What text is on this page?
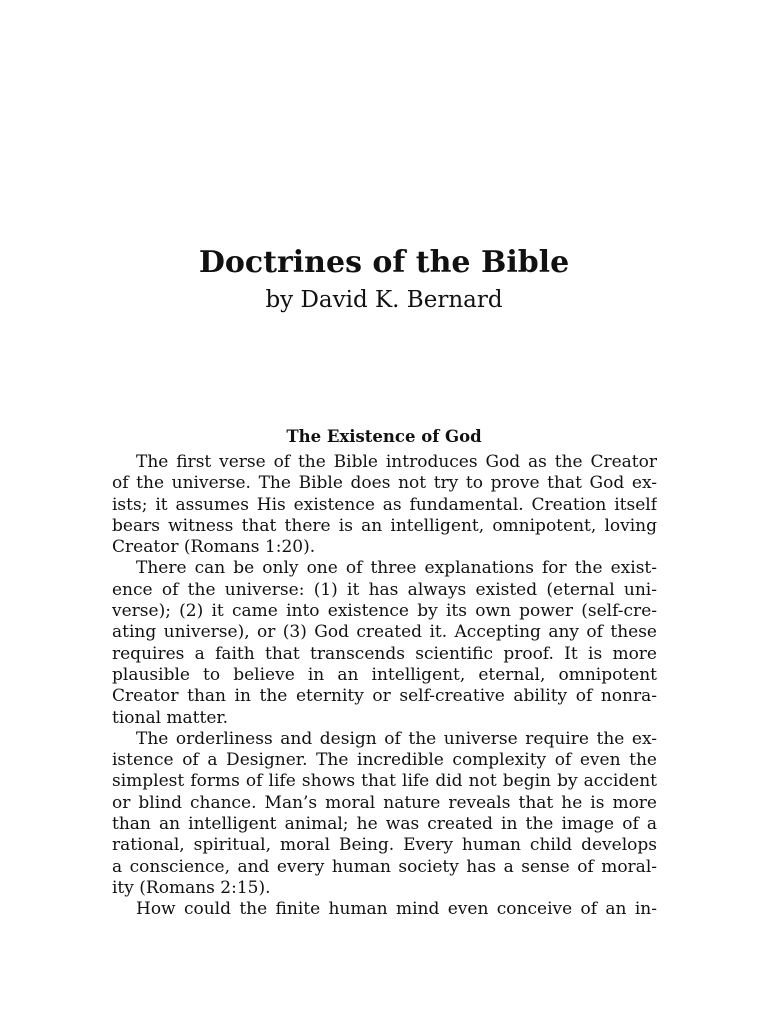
Doctrines of the Bible
by David K. Bernard
The Existence of God
The first verse of the Bible introduces God as the Creator
of the universe. The Bible does not try to prove that God ex-
ists; it assumes His existence as fundamental. Creation itself
bears witness that there is an intelligent, omnipotent, loving
Creator (Romans 1:20).
There can be only one of three explanations for the exist-
ence of the universe: (1) it has always existed (eternal uni-
verse); (2) it came into existence by its own power (self-cre-
ating universe), or (3) God created it. Accepting any of these
requires a faith that transcends scientific proof. It is more
plausible to believe in an intelligent, eternal, omnipotent
Creator than in the eternity or self-creative ability of nonra-
tional matter.
The orderliness and design of the universe require the ex-
istence of a Designer. The incredible complexity of even the
simplest forms of life shows that life did not begin by accident
or blind chance. Man’s moral nature reveals that he is more
than an intelligent animal; he was created in the image of a
rational, spiritual, moral Being. Every human child develops
a conscience, and every human society has a sense of moral-
ity (Romans 2:15).
How could the finite human mind even conceive of an in-
